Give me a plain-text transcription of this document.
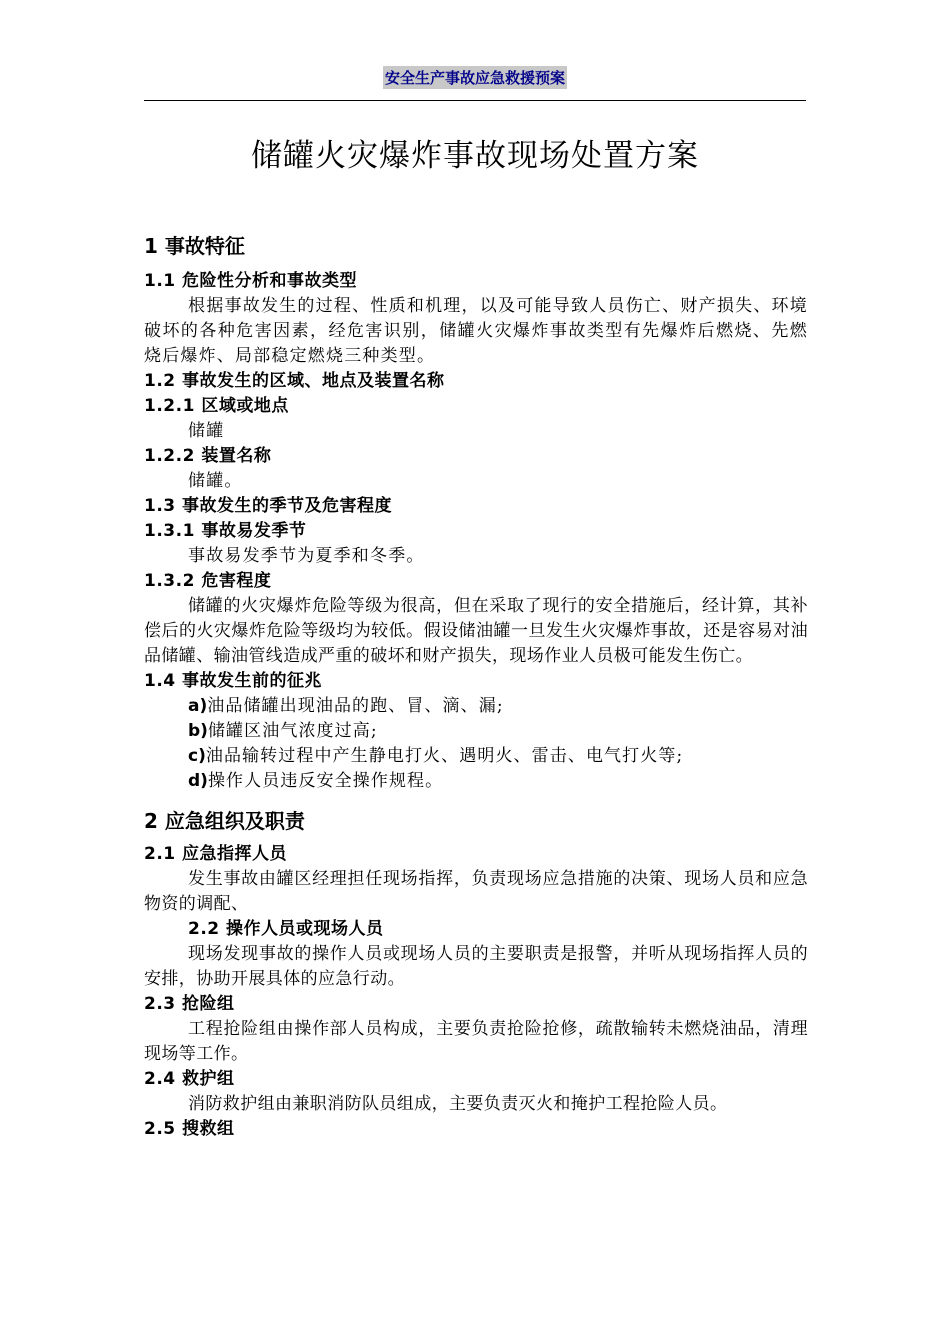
安全生产事故应急救援预案
储罐火灾爆炸事故现场处置方案
1 事故特征
1.1 危险性分析和事故类型

根据事故发生的过程、性质和机理，以及可能导致人员伤亡、财产损失、环境破坏的各种危害因素，经危害识别，储罐火灾爆炸事故类型有先爆炸后燃烧、先燃烧后爆炸、局部稳定燃烧三种类型。

1.2 事故发生的区域、地点及装置名称
1.2.1 区域或地点

储罐

1.2.2 装置名称

储罐。

1.3 事故发生的季节及危害程度
1.3.1 事故易发季节

事故易发季节为夏季和冬季。

1.3.2 危害程度

储罐的火灾爆炸危险等级为很高，但在采取了现行的安全措施后，经计算，其补偿后的火灾爆炸危险等级均为较低。假设储油罐一旦发生火灾爆炸事故，还是容易对油品储罐、输油管线造成严重的破坏和财产损失，现场作业人员极可能发生伤亡。

1.4 事故发生前的征兆
a)油品储罐出现油品的跑、冒、滴、漏;
b)储罐区油气浓度过高;
c)油品输转过程中产生静电打火、遇明火、雷击、电气打火等;
d)操作人员违反安全操作规程。
2 应急组织及职责
2.1 应急指挥人员

发生事故由罐区经理担任现场指挥，负责现场应急措施的决策、现场人员和应急物资的调配、

2.2 操作人员或现场人员

现场发现事故的操作人员或现场人员的主要职责是报警，并听从现场指挥人员的安排，协助开展具体的应急行动。

2.3 抢险组

工程抢险组由操作部人员构成，主要负责抢险抢修，疏散输转未燃烧油品，清理现场等工作。

2.4 救护组

消防救护组由兼职消防队员组成，主要负责灭火和掩护工程抢险人员。

2.5 搜救组
